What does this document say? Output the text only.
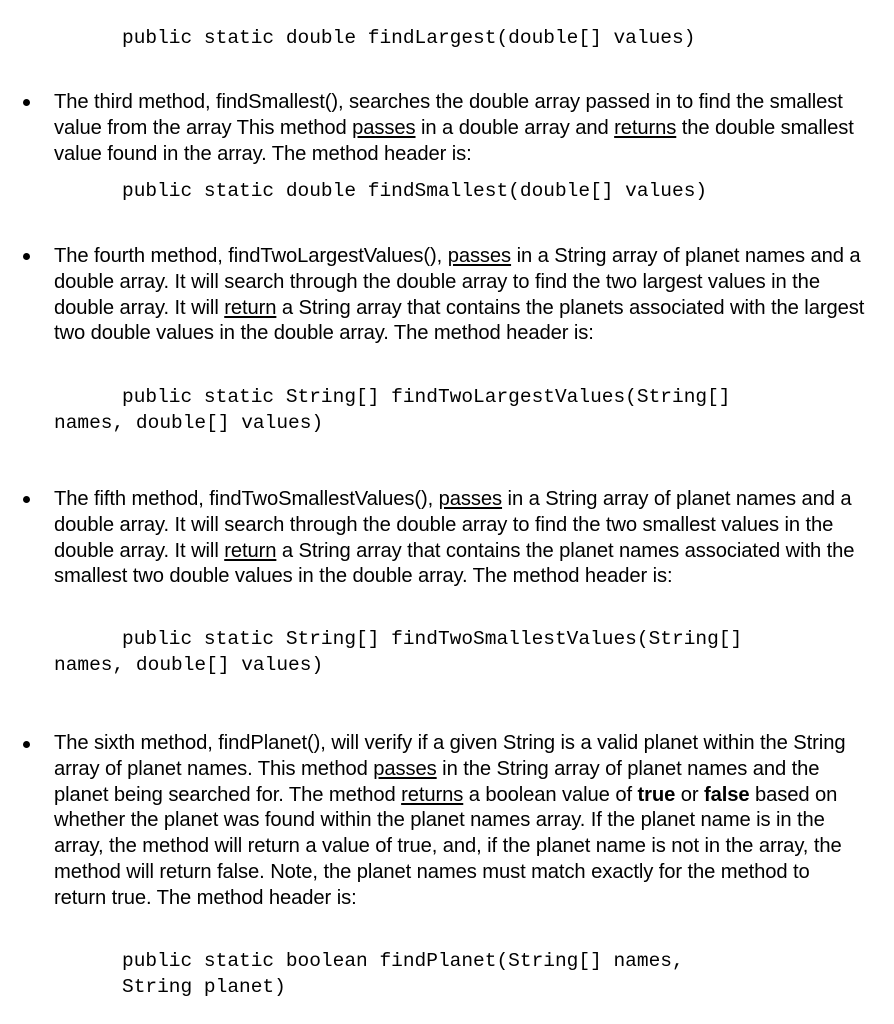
public static double findLargest(double[] values)

The third method, findSmallest(), searches the double array passed in to find the smallest value from the array This method passes in a double array and returns the double smallest value found in the array. The method header is:

public static double findSmallest(double[] values)

The fourth method, findTwoLargestValues(), passes in a String array of planet names and a double array. It will search through the double array to find the two largest values in the double array. It will return a String array that contains the planets associated with the largest two double values in the double array. The method header is:

public static String[] findTwoLargestValues(String[]
names, double[] values)

The fifth method, findTwoSmallestValues(), passes in a String array of planet names and a double array. It will search through the double array to find the two smallest values in the double array. It will return a String array that contains the planet names associated with the smallest two double values in the double array. The method header is:

public static String[] findTwoSmallestValues(String[]
names, double[] values)

The sixth method, findPlanet(), will verify if a given String is a valid planet within the String array of planet names. This method passes in the String array of planet names and the planet being searched for. The method returns a boolean value of true or false based on whether the planet was found within the planet names array. If the planet name is in the array, the method will return a value of true, and, if the planet name is not in the array, the method will return false. Note, the planet names must match exactly for the method to return true. The method header is:

public static boolean findPlanet(String[] names,
String planet)
